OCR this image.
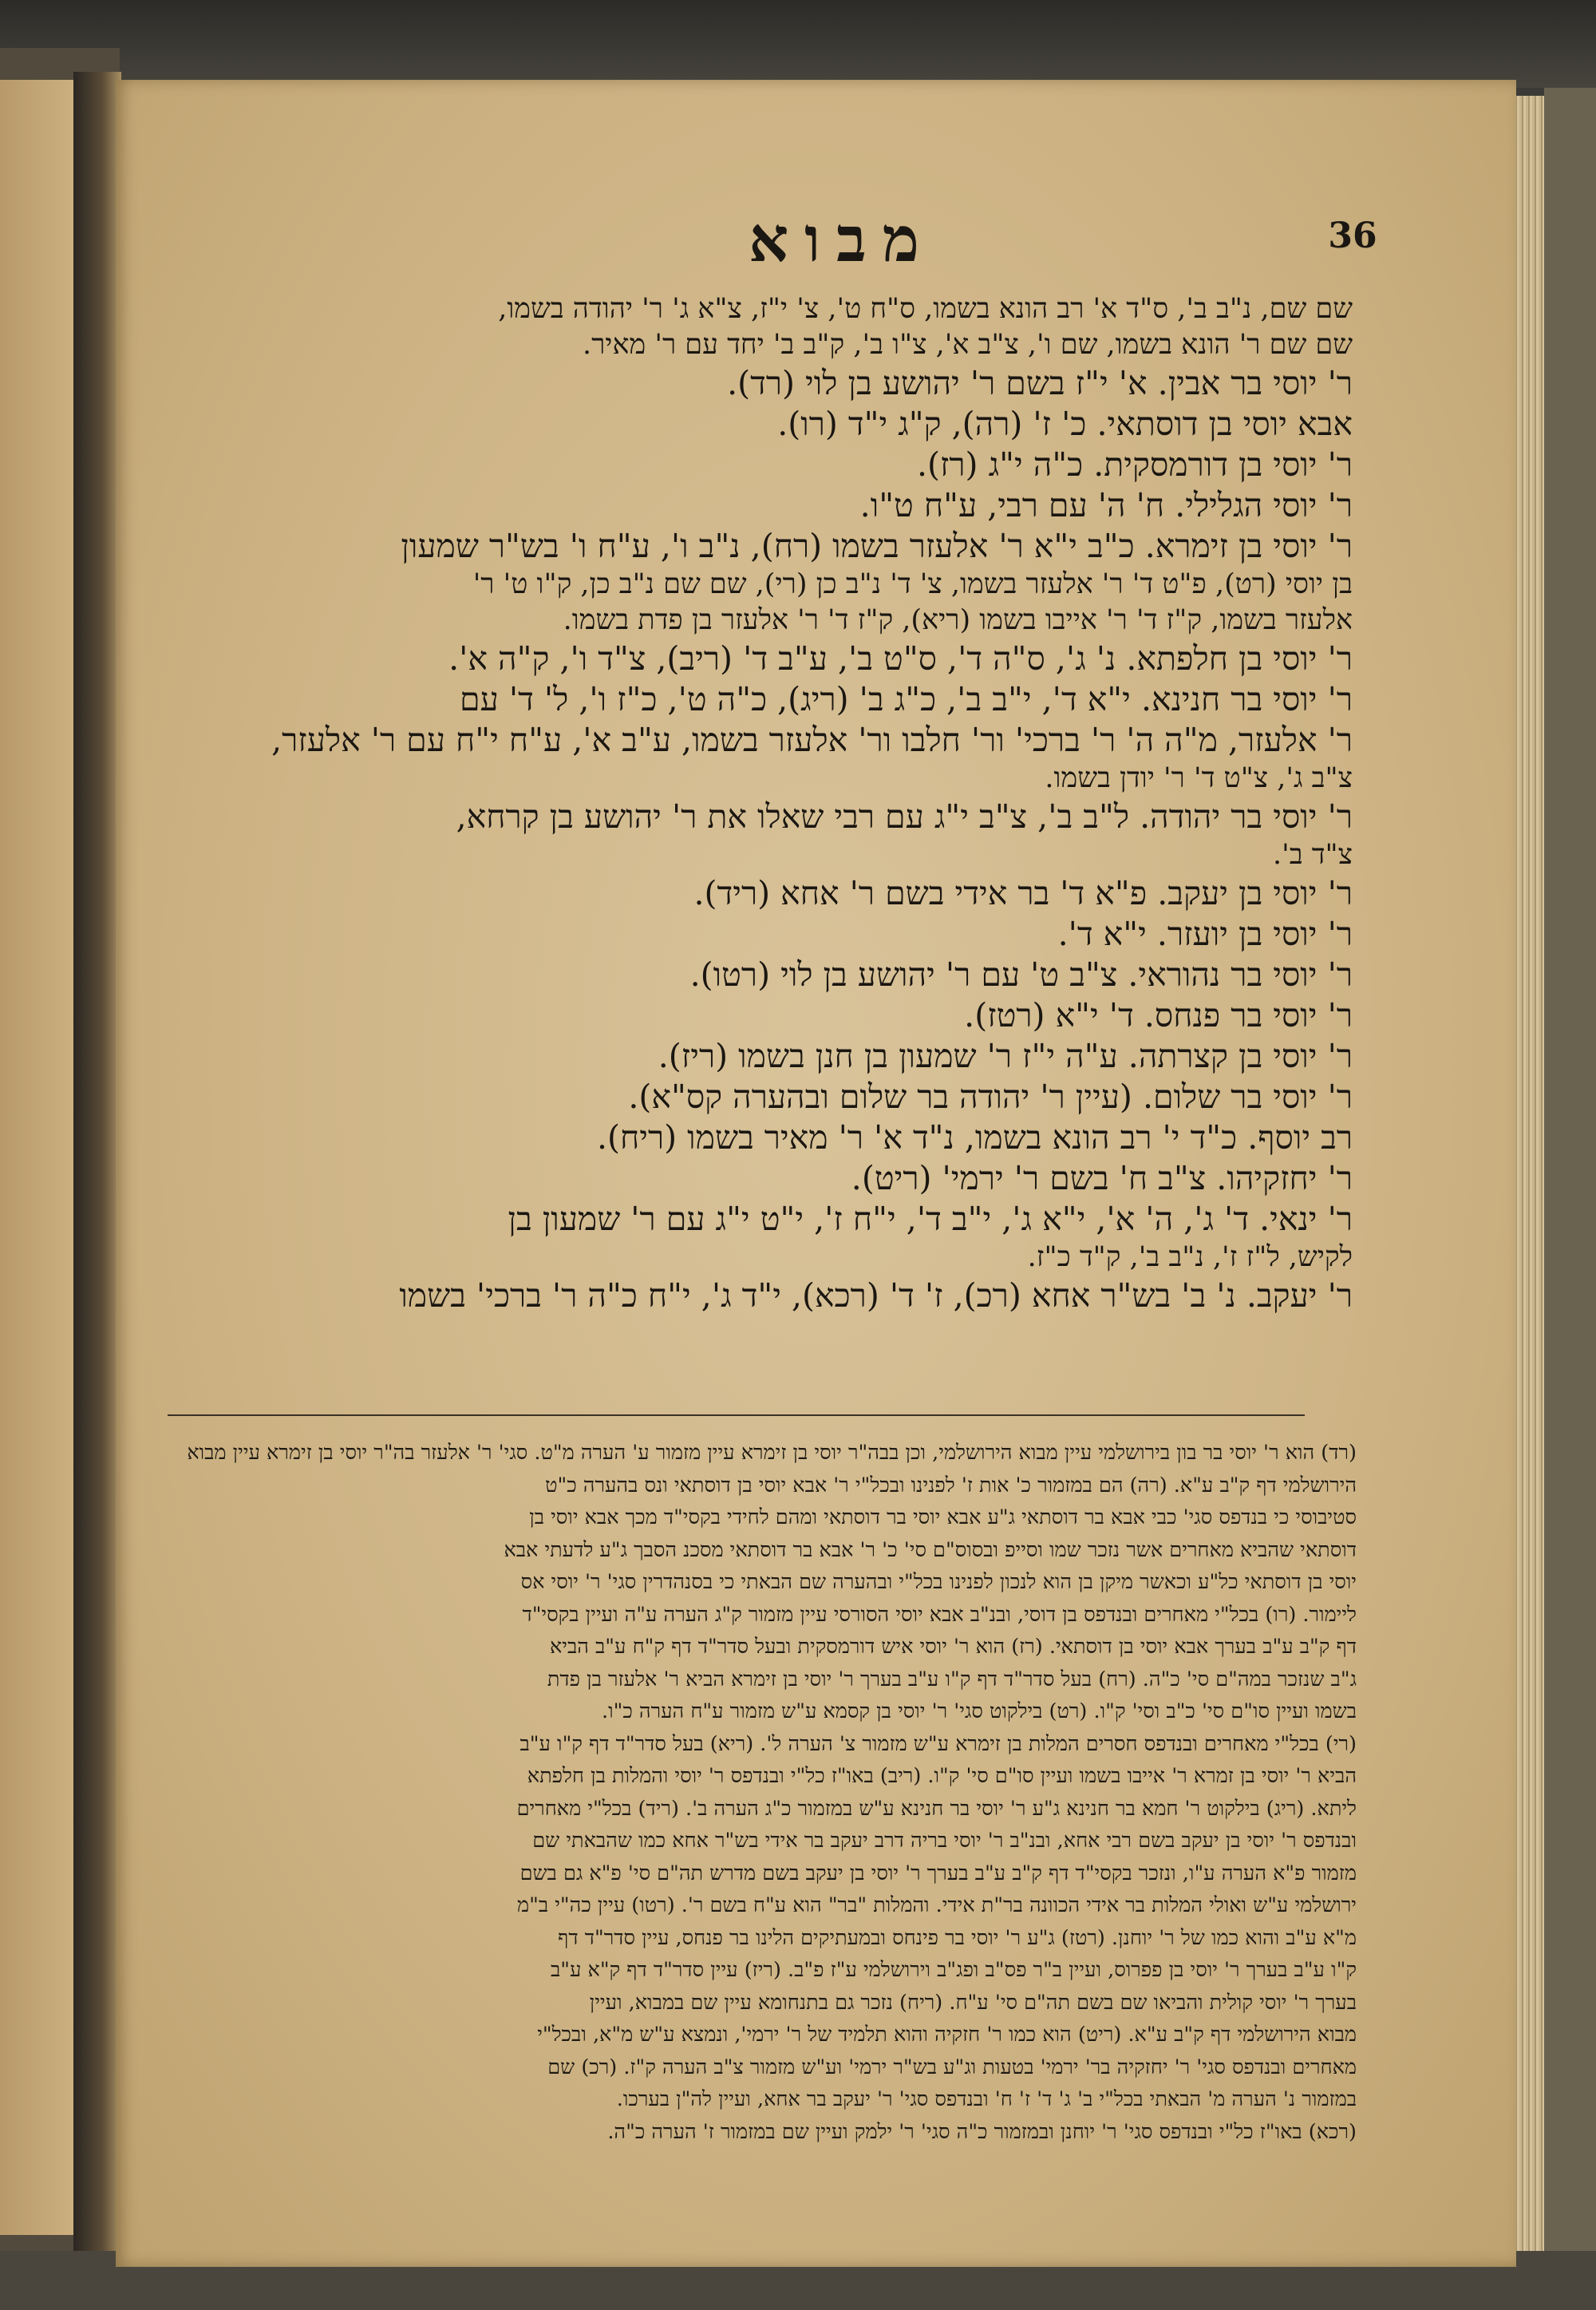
מבוא	36

שם שם, נ"ב ב', ס"ד א' רב הונא בשמו, ס"ח ט', צ' י"ז, צ"א ג' ר' יהודה בשמו,

שם שם ר' הונא בשמו, שם ו', צ"ב א', צ"ו ב', ק"ב ב' יחד עם ר' מאיר.

ר' יוסי בר אבין. א' י"ז בשם ר' יהושע בן לוי (רד).

אבא יוסי בן דוסתאי. כ' ז' (רה), ק"ג י"ד (רו).

ר' יוסי בן דורמסקית. כ"ה י"ג (רז).

ר' יוסי הגלילי. ח' ה' עם רבי, ע"ח ט"ו.

ר' יוסי בן זימרא. כ"ב י"א ר' אלעזר בשמו (רח), נ"ב ו', ע"ח ו' בש"ר שמעון

בן יוסי (רט), פ"ט ד' ר' אלעזר בשמו, צ' ד' נ"ב כן (רי), שם שם נ"ב כן, ק"ו ט' ר'

אלעזר בשמו, ק"ז ד' ר' אייבו בשמו (ריא), ק"ז ד' ר' אלעזר בן פדת בשמו.

ר' יוסי בן חלפתא. נ' ג', ס"ה ד', ס"ט ב', ע"ב ד' (ריב), צ"ד ו', ק"ה א'.

ר' יוסי בר חנינא. י"א ד', י"ב ב', כ"ג ב' (ריג), כ"ה ט', כ"ז ו', ל' ד' עם

ר' אלעזר, מ"ה ה' ר' ברכי' ור' חלבו ור' אלעזר בשמו, ע"ב א', ע"ח י"ח עם ר' אלעזר,

צ"ב ג', צ"ט ד' ר' יודן בשמו.

ר' יוסי בר יהודה. ל"ב ב', צ"ב י"ג עם רבי שאלו את ר' יהושע בן קרחא,

צ"ד ב'.

ר' יוסי בן יעקב. פ"א ד' בר אידי בשם ר' אחא (ריד).

ר' יוסי בן יועזר. י"א ד'.

ר' יוסי בר נהוראי. צ"ב ט' עם ר' יהושע בן לוי (רטו).

ר' יוסי בר פנחס. ד' י"א (רטז).

ר' יוסי בן קצרתה. ע"ה י"ז ר' שמעון בן חנן בשמו (ריז).

ר' יוסי בר שלום. (עיין ר' יהודה בר שלום ובהערה קס"א).

רב יוסף. כ"ד י' רב הונא בשמו, נ"ד א' ר' מאיר בשמו (ריח).

ר' יחזקיהו. צ"ב ח' בשם ר' ירמי' (ריט).

ר' ינאי. ד' ג', ה' א', י"א ג', י"ב ד', י"ח ז', י"ט י"ג עם ר' שמעון בן

לקיש, ל"ז ז', נ"ב ב', ק"ד כ"ז.

ר' יעקב. נ' ב' בש"ר אחא (רכ), ז' ד' (רכא), י"ד ג', י"ח כ"ה ר' ברכי' בשמו

(רד) הוא ר' יוסי בר בון בירושלמי עיין מבוא הירושלמי, וכן בבה"ר יוסי בן זימרא עיין מזמור ע' הערה מ"ט. סגי' ר' אלעזר בה"ר יוסי בן זימרא עיין מבוא

הירושלמי דף ק"ב ע"א. (רה) הם במזמור כ' אות ז' לפנינו ובכל"י ר' אבא יוסי בן דוסתאי ונס בהערה כ"ט

סטיבוסי כי בנדפס סגי' כבי אבא בר דוסתאי ג"ע אבא יוסי בר דוסתאי ומהם לחידי בקסי"ד מכך אבא יוסי בן

דוסתאי שהביא מאחרים אשר נזכר שמו וסייפ ובסוס"ם סי' כ' ר' אבא בר דוסתאי מסכנ הסבך ג"ע לדעתי אבא

יוסי בן דוסתאי כל"ע וכאשר מיקן בן הוא לנכון לפנינו בכל"י ובהערה שם הבאתי כי בסנהדרין סגי' ר' יוסי אס

ליימור. (רו) בכל"י מאחרים ובנדפס בן דוסי, ובנ"ב אבא יוסי הסורסי עיין מזמור ק"ג הערה ע"ה ועיין בקסי"ד

דף ק"ב ע"ב בערך אבא יוסי בן דוסתאי. (רז) הוא ר' יוסי איש דורמסקית ובעל סדר"ד דף ק"ח ע"ב הביא

ג"ב שנזכר במה"ם סי' כ"ה. (רח) בעל סדר"ד דף ק"ו ע"ב בערך ר' יוסי בן זימרא הביא ר' אלעזר בן פדת

בשמו ועיין סו"ם סי' כ"ב וסי' ק"ו. (רט) בילקוט סגי' ר' יוסי בן קסמא ע"ש מזמור ע"ח הערה כ"ו.

(רי) בכל"י מאחרים ובנדפס חסרים המלות בן זימרא ע"ש מזמור צ' הערה ל'. (ריא) בעל סדר"ד דף ק"ו ע"ב

הביא ר' יוסי בן זמרא ר' אייבו בשמו ועיין סו"ם סי' ק"ו. (ריב) באו"ז כל"י ובנדפס ר' יוסי והמלות בן חלפתא

ליתא. (ריג) בילקוט ר' חמא בר חנינא ג"ע ר' יוסי בר חנינא ע"ש במזמור כ"ג הערה ב'. (ריד) בכל"י מאחרים

ובנדפס ר' יוסי בן יעקב בשם רבי אחא, ובנ"ב ר' יוסי בריה דרב יעקב בר אידי בש"ר אחא כמו שהבאתי שם

מזמור פ"א הערה ע"ו, ונזכר בקסי"ד דף ק"ב ע"ב בערך ר' יוסי בן יעקב בשם מדרש תה"ם סי' פ"א גם בשם

ירושלמי ע"ש ואולי המלות בר אידי הכוונה בר"ת אידי. והמלות "בר" הוא ע"ח בשם ר'. (רטו) עיין כה"י ב"מ

מ"א ע"ב והוא כמו של ר' יוחנן. (רטז) ג"ע ר' יוסי בר פינחס ובמעתיקים הלינו בר פנחס, עיין סדר"ד דף

ק"ו ע"ב בערך ר' יוסי בן פפרוס, ועיין ב"ר פס"ב ופג"ב וירושלמי ע"ז פ"ב. (ריז) עיין סדר"ד דף ק"א ע"ב

בערך ר' יוסי קולית והביאו שם בשם תה"ם סי' ע"ח. (ריח) נזכר גם בתנחומא עיין שם במבוא, ועיין

מבוא הירושלמי דף ק"ב ע"א. (ריט) הוא כמו ר' חזקיה והוא תלמיד של ר' ירמי', ונמצא ע"ש מ"א, ובכל"י

מאחרים ובנדפס סגי' ר' יחזקיה בר' ירמי' בטעות וג"ע בש"ר ירמי' וע"ש מזמור צ"ב הערה ק"ז. (רכ) שם

במזמור נ' הערה מ' הבאתי בכל"י ב' ג' ד' ז' ח' ובנדפס סגי' ר' יעקב בר אחא, ועיין לה"ן בערכו.

(רכא) באו"ז כל"י ובנדפס סגי' ר' יוחנן ובמזמור כ"ה סגי' ר' ילמק ועיין שם במזמור ז' הערה כ"ה.
